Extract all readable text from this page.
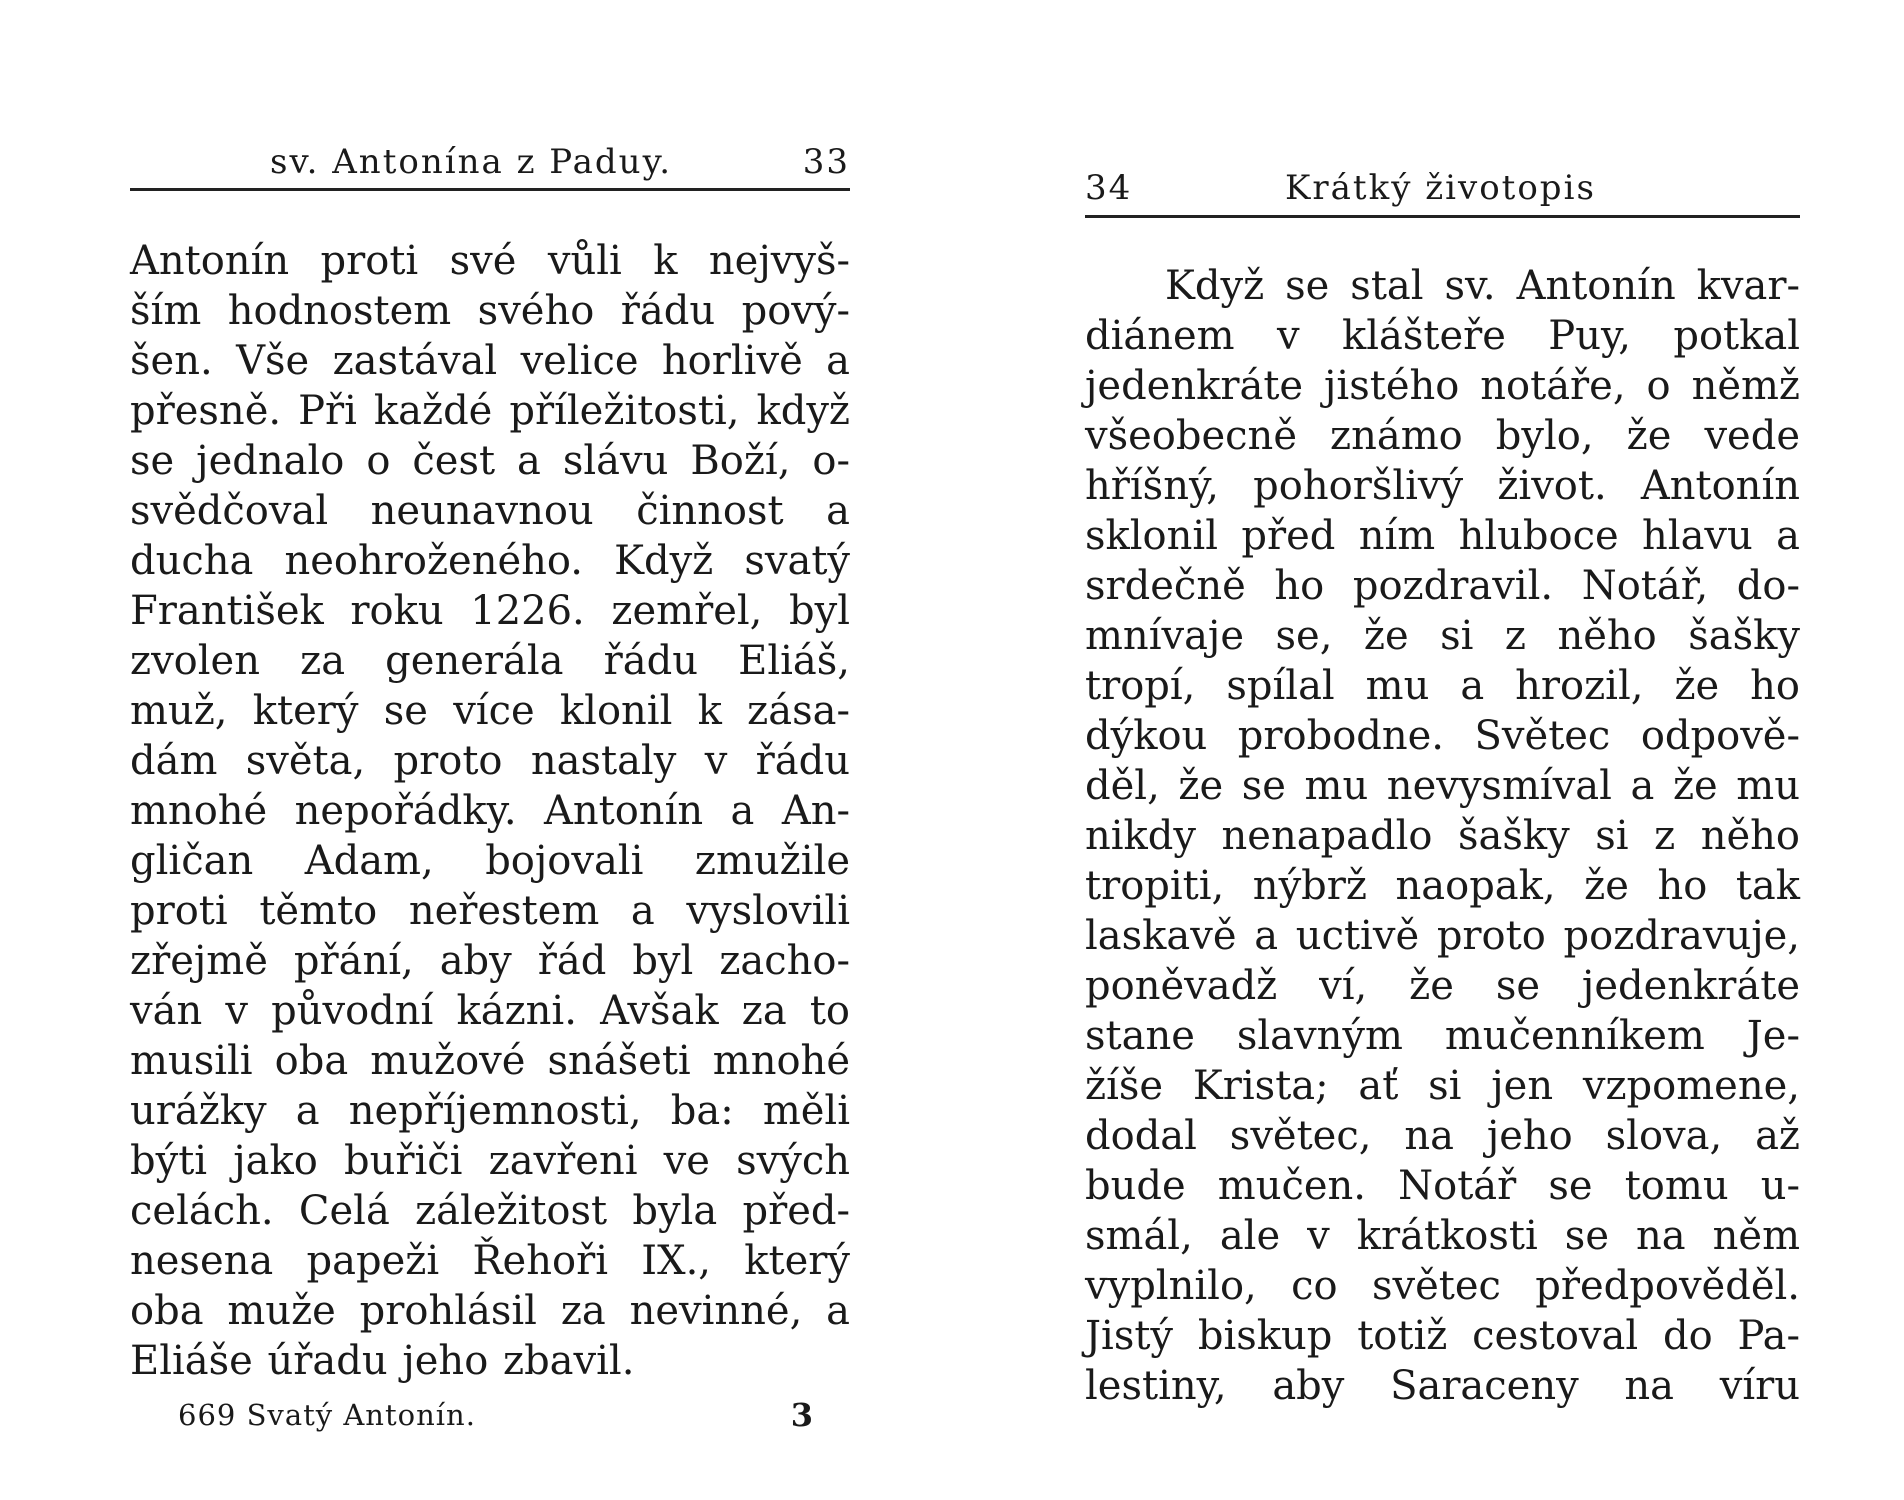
sv. Antonína z Paduy.	33
Antonín proti své vůli k nejvyš-
ším hodnostem svého řádu pový-
šen. Vše zastával velice horlivě a
přesně. Při každé příležitosti, když
se jednalo o čest a slávu Boží, o-
svědčoval neunavnou činnost a
ducha neohroženého. Když svatý
František roku 1226. zemřel, byl
zvolen za generála řádu Eliáš,
muž, který se více klonil k zása-
dám světa, proto nastaly v řádu
mnohé nepořádky. Antonín a An-
gličan Adam, bojovali zmužile
proti těmto neřestem a vyslovili
zřejmě přání, aby řád byl zacho-
ván v původní kázni. Avšak za to
musili oba mužové snášeti mnohé
urážky a nepříjemnosti, ba: měli
býti jako buřiči zavřeni ve svých
celách. Celá záležitost byla před-
nesena papeži Řehoři IX., který
oba muže prohlásil za nevinné, a
Eliáše úřadu jeho zbavil.
669 Svatý Antonín.	3
34	Krátký životopis
Když se stal sv. Antonín kvar-
diánem v klášteře Puy, potkal
jedenkráte jistého notáře, o němž
všeobecně známo bylo, že vede
hříšný, pohoršlivý život. Antonín
sklonil před ním hluboce hlavu a
srdečně ho pozdravil. Notář, do-
mnívaje se, že si z něho šašky
tropí, spílal mu a hrozil, že ho
dýkou probodne. Světec odpově-
děl, že se mu nevysmíval a že mu
nikdy nenapadlo šašky si z něho
tropiti, nýbrž naopak, že ho tak
laskavě a uctivě proto pozdravuje,
poněvadž ví, že se jedenkráte
stane slavným mučenníkem Je-
žíše Krista; ať si jen vzpomene,
dodal světec, na jeho slova, až
bude mučen. Notář se tomu u-
smál, ale v krátkosti se na něm
vyplnilo, co světec předpověděl.
Jistý biskup totiž cestoval do Pa-
lestiny, aby Saraceny na víru
